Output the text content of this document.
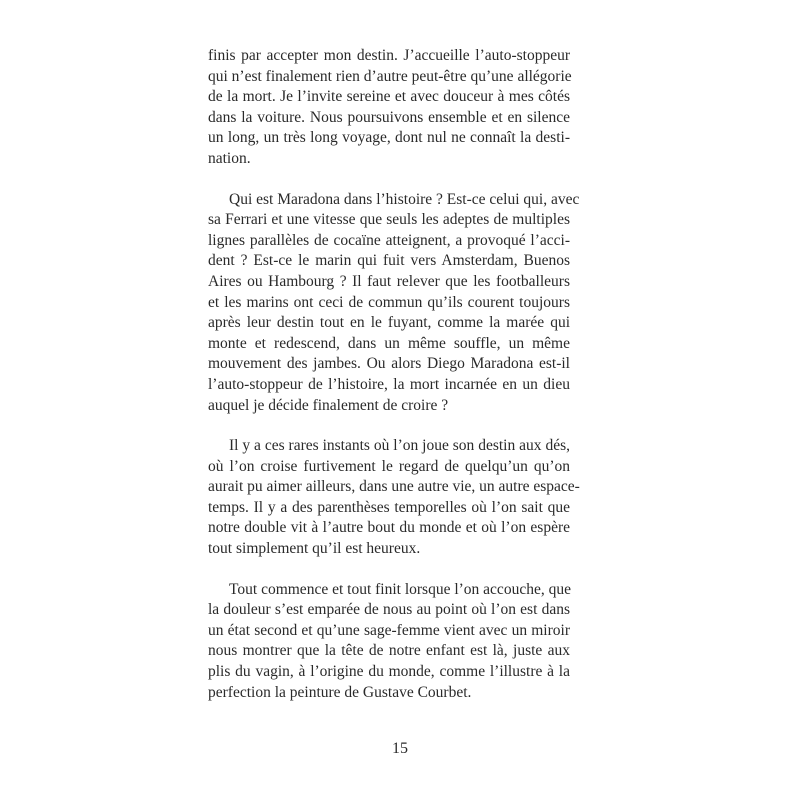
finis par accepter mon destin. J’accueille l’auto-stoppeur
qui n’est finalement rien d’autre peut-être qu’une allégorie
de la mort. Je l’invite sereine et avec douceur à mes côtés
dans la voiture. Nous poursuivons ensemble et en silence
un long, un très long voyage, dont nul ne connaît la desti-
nation.
Qui est Maradona dans l’histoire ? Est-ce celui qui, avec
sa Ferrari et une vitesse que seuls les adeptes de multiples
lignes parallèles de cocaïne atteignent, a provoqué l’acci-
dent ? Est-ce le marin qui fuit vers Amsterdam, Buenos
Aires ou Hambourg ? Il faut relever que les footballeurs
et les marins ont ceci de commun qu’ils courent toujours
après leur destin tout en le fuyant, comme la marée qui
monte et redescend, dans un même souffle, un même
mouvement des jambes. Ou alors Diego Maradona est-il
l’auto-stoppeur de l’histoire, la mort incarnée en un dieu
auquel je décide finalement de croire ?
Il y a ces rares instants où l’on joue son destin aux dés,
où l’on croise furtivement le regard de quelqu’un qu’on
aurait pu aimer ailleurs, dans une autre vie, un autre espace-
temps. Il y a des parenthèses temporelles où l’on sait que
notre double vit à l’autre bout du monde et où l’on espère
tout simplement qu’il est heureux.
Tout commence et tout finit lorsque l’on accouche, que
la douleur s’est emparée de nous au point où l’on est dans
un état second et qu’une sage-femme vient avec un miroir
nous montrer que la tête de notre enfant est là, juste aux
plis du vagin, à l’origine du monde, comme l’illustre à la
perfection la peinture de Gustave Courbet.
15
